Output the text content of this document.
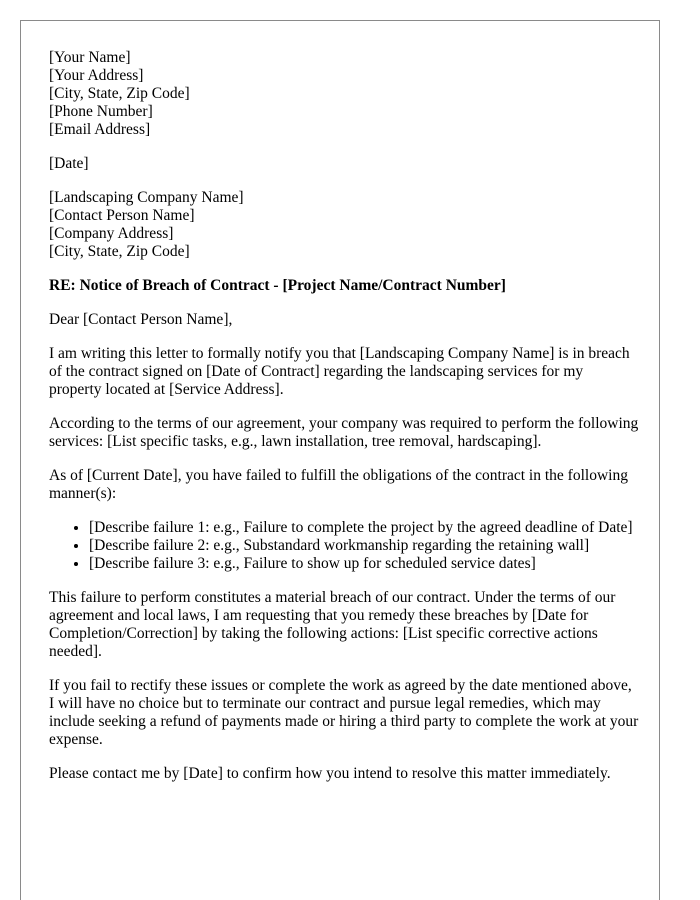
[Your Name]
[Your Address]
[City, State, Zip Code]
[Phone Number]
[Email Address]
[Date]
[Landscaping Company Name]
[Contact Person Name]
[Company Address]
[City, State, Zip Code]
RE: Notice of Breach of Contract - [Project Name/Contract Number]
Dear [Contact Person Name],
I am writing this letter to formally notify you that [Landscaping Company Name] is in breach of the contract signed on [Date of Contract] regarding the landscaping services for my property located at [Service Address].
According to the terms of our agreement, your company was required to perform the following services: [List specific tasks, e.g., lawn installation, tree removal, hardscaping].
As of [Current Date], you have failed to fulfill the obligations of the contract in the following manner(s):
• [Describe failure 1: e.g., Failure to complete the project by the agreed deadline of Date]
• [Describe failure 2: e.g., Substandard workmanship regarding the retaining wall]
• [Describe failure 3: e.g., Failure to show up for scheduled service dates]
This failure to perform constitutes a material breach of our contract. Under the terms of our agreement and local laws, I am requesting that you remedy these breaches by [Date for Completion/Correction] by taking the following actions: [List specific corrective actions needed].
If you fail to rectify these issues or complete the work as agreed by the date mentioned above, I will have no choice but to terminate our contract and pursue legal remedies, which may include seeking a refund of payments made or hiring a third party to complete the work at your expense.
Please contact me by [Date] to confirm how you intend to resolve this matter immediately.
